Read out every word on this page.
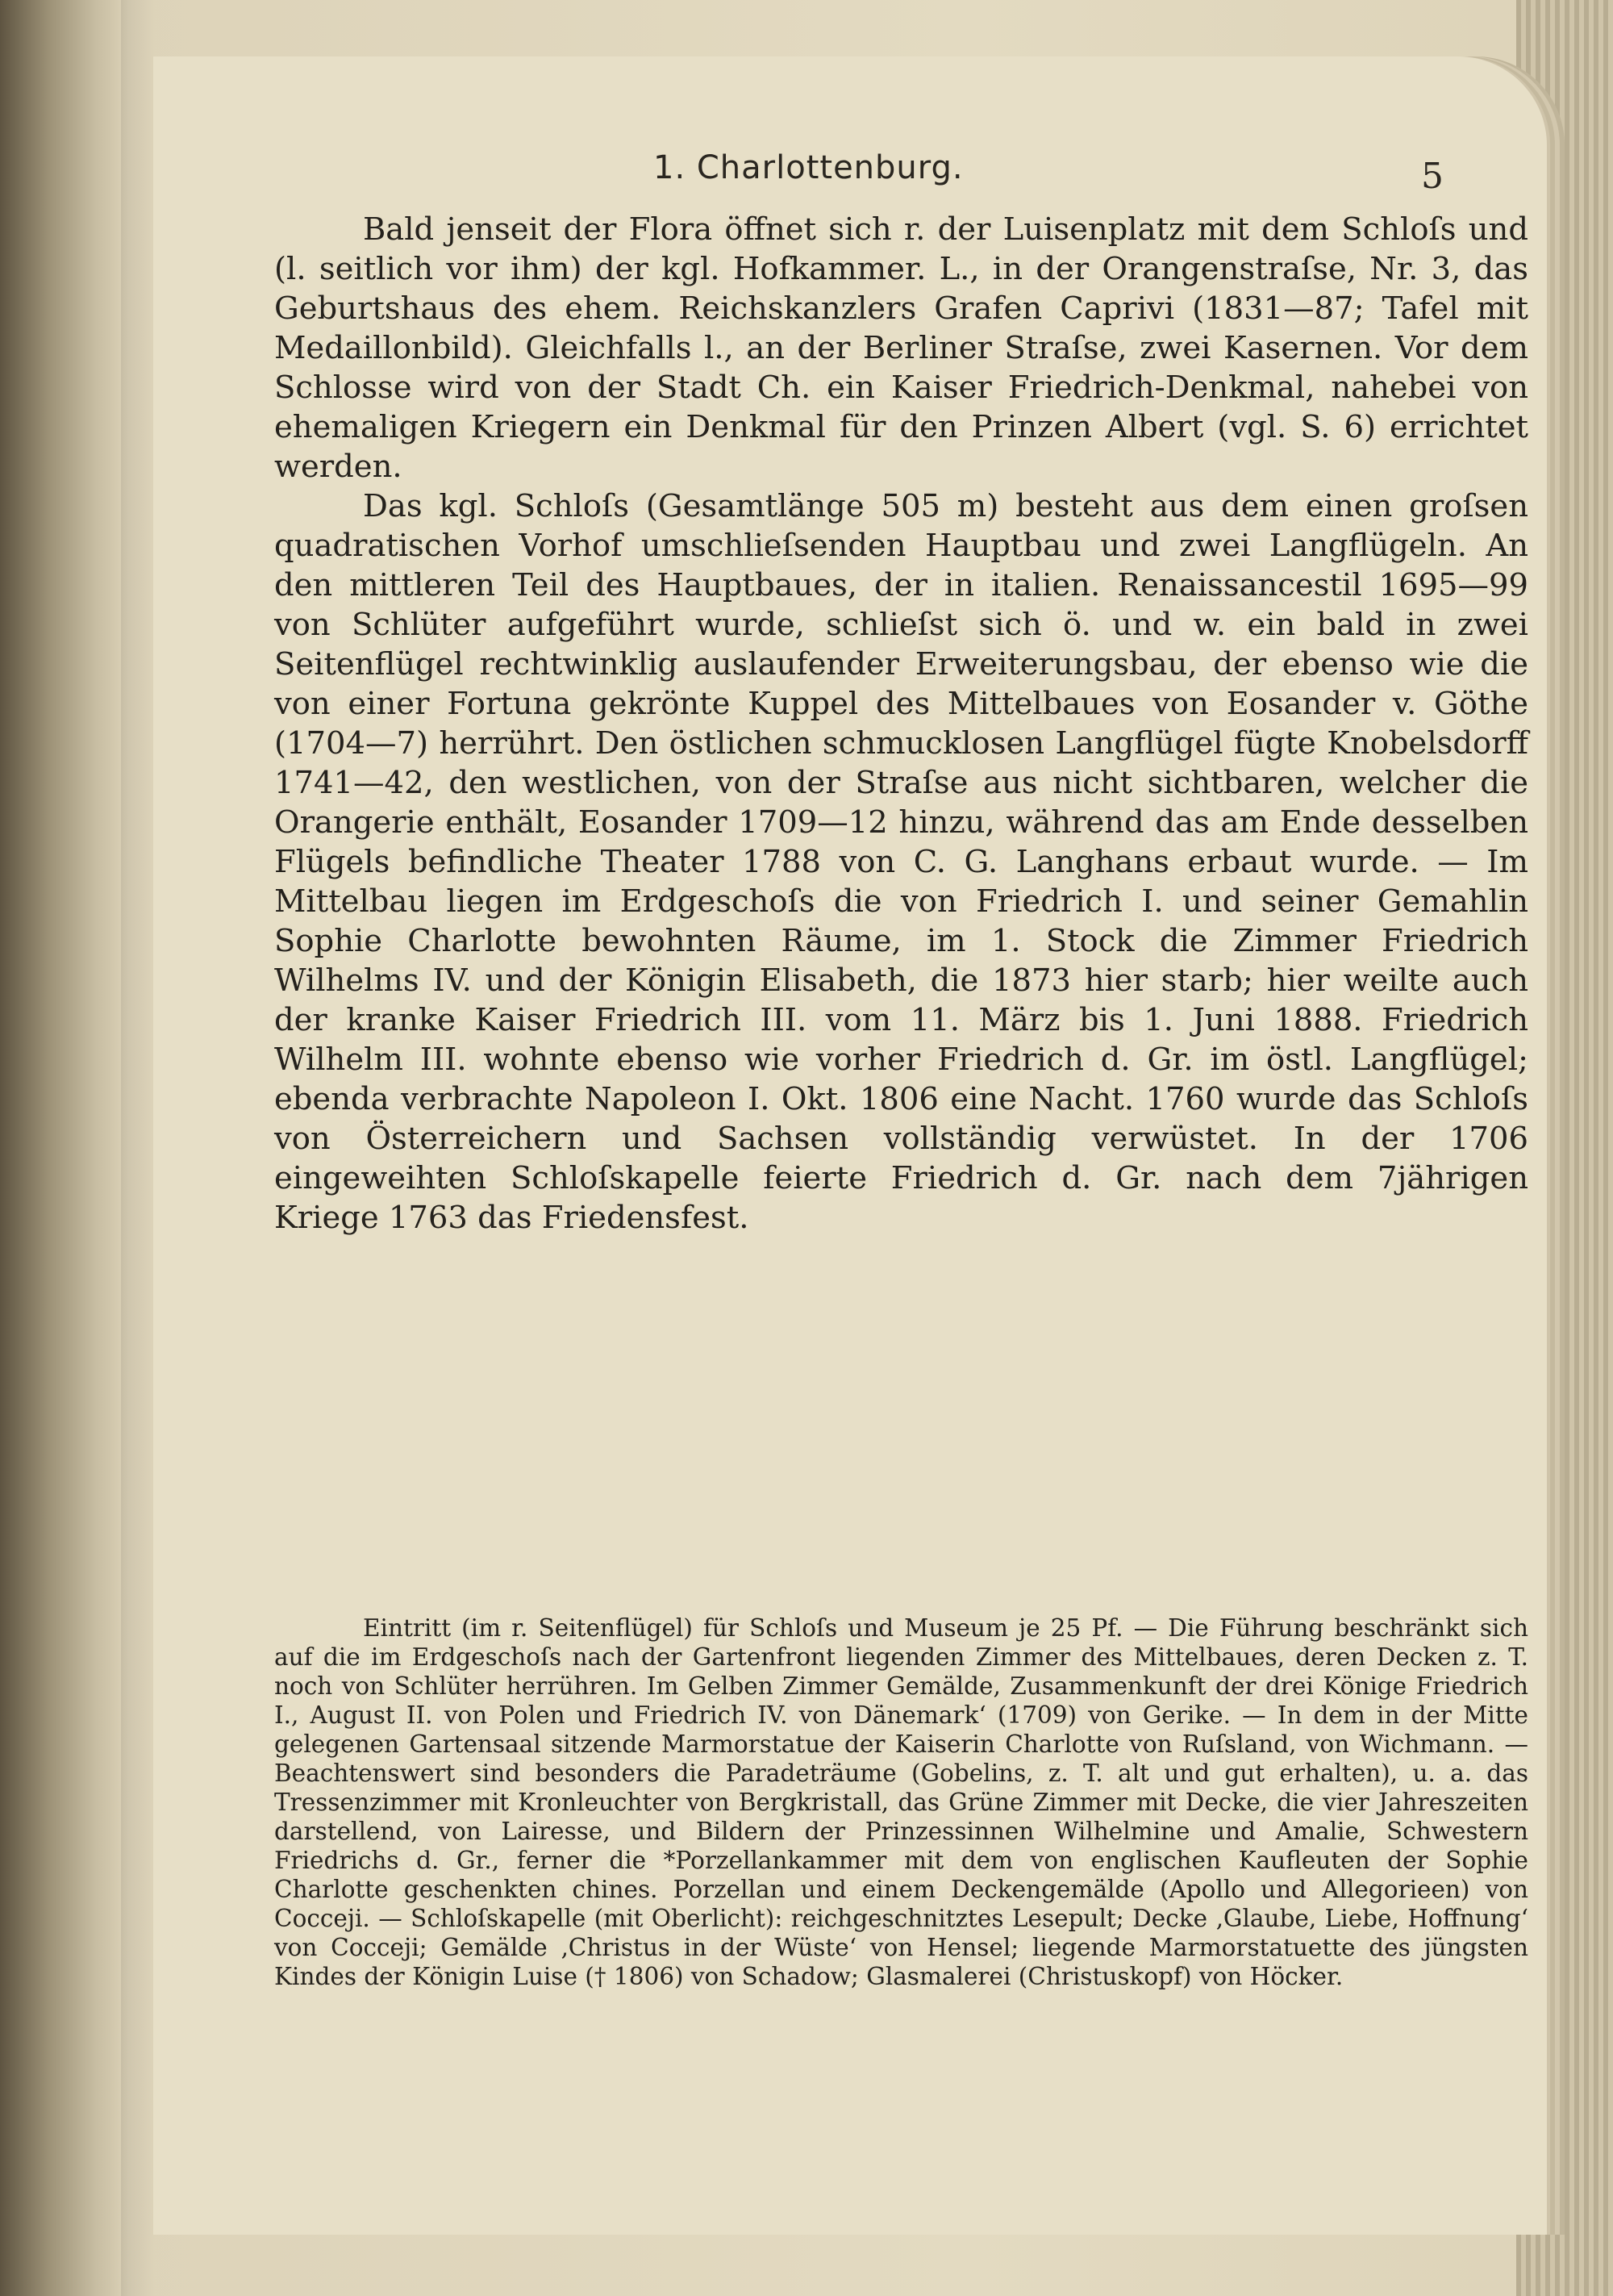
1. Charlottenburg.	5

Bald jenseit der Flora öffnet sich r. der Luisenplatz mit dem Schloſs und (l. seitlich vor ihm) der kgl. Hofkammer. L., in der Orangenstraſse, Nr. 3, das Geburtshaus des ehem. Reichskanzlers Grafen Caprivi (1831—87; Tafel mit Medaillonbild). Gleichfalls l., an der Berliner Straſse, zwei Kasernen. Vor dem Schlosse wird von der Stadt Ch. ein Kaiser Friedrich-Denkmal, nahebei von ehemaligen Kriegern ein Denkmal für den Prinzen Albert (vgl. S. 6) errichtet werden.

Das kgl. Schloſs (Gesamtlänge 505 m) besteht aus dem einen groſsen quadratischen Vorhof umschlieſsenden Hauptbau und zwei Langflügeln. An den mittleren Teil des Hauptbaues, der in italien. Renaissancestil 1695—99 von Schlüter aufgeführt wurde, schlieſst sich ö. und w. ein bald in zwei Seitenflügel rechtwinklig auslaufender Erweiterungsbau, der ebenso wie die von einer Fortuna gekrönte Kuppel des Mittelbaues von Eosander v. Göthe (1704—7) herrührt. Den östlichen schmucklosen Langflügel fügte Knobelsdorff 1741—42, den westlichen, von der Straſse aus nicht sichtbaren, welcher die Orangerie enthält, Eosander 1709—12 hinzu, während das am Ende desselben Flügels befindliche Theater 1788 von C. G. Langhans erbaut wurde. — Im Mittelbau liegen im Erdgeschoſs die von Friedrich I. und seiner Gemahlin Sophie Charlotte bewohnten Räume, im 1. Stock die Zimmer Friedrich Wilhelms IV. und der Königin Elisabeth, die 1873 hier starb; hier weilte auch der kranke Kaiser Friedrich III. vom 11. März bis 1. Juni 1888. Friedrich Wilhelm III. wohnte ebenso wie vorher Friedrich d. Gr. im östl. Langflügel; ebenda verbrachte Napoleon I. Okt. 1806 eine Nacht. 1760 wurde das Schloſs von Österreichern und Sachsen vollständig verwüstet. In der 1706 eingeweihten Schloſskapelle feierte Friedrich d. Gr. nach dem 7jährigen Kriege 1763 das Friedensfest.

Eintritt (im r. Seitenflügel) für Schloſs und Museum je 25 Pf. — Die Führung beschränkt sich auf die im Erdgeschoſs nach der Gartenfront liegenden Zimmer des Mittelbaues, deren Decken z. T. noch von Schlüter herrühren. Im Gelben Zimmer Gemälde, Zusammenkunft der drei Könige Friedrich I., August II. von Polen und Friedrich IV. von Dänemark‘ (1709) von Gerike. — In dem in der Mitte gelegenen Gartensaal sitzende Marmorstatue der Kaiserin Charlotte von Ruſsland, von Wichmann. — Beachtenswert sind besonders die Paradeträume (Gobelins, z. T. alt und gut erhalten), u. a. das Tressenzimmer mit Kronleuchter von Bergkristall, das Grüne Zimmer mit Decke, die vier Jahreszeiten darstellend, von Lairesse, und Bildern der Prinzessinnen Wilhelmine und Amalie, Schwestern Friedrichs d. Gr., ferner die *Porzellankammer mit dem von englischen Kaufleuten der Sophie Charlotte geschenkten chines. Porzellan und einem Deckengemälde (Apollo und Allegorieen) von Cocceji. — Schloſskapelle (mit Oberlicht): reichgeschnitztes Lesepult; Decke ‚Glaube, Liebe, Hoffnung‘ von Cocceji; Gemälde ‚Christus in der Wüste‘ von Hensel; liegende Marmorstatuette des jüngsten Kindes der Königin Luise († 1806) von Schadow; Glasmalerei (Christuskopf) von Höcker.
